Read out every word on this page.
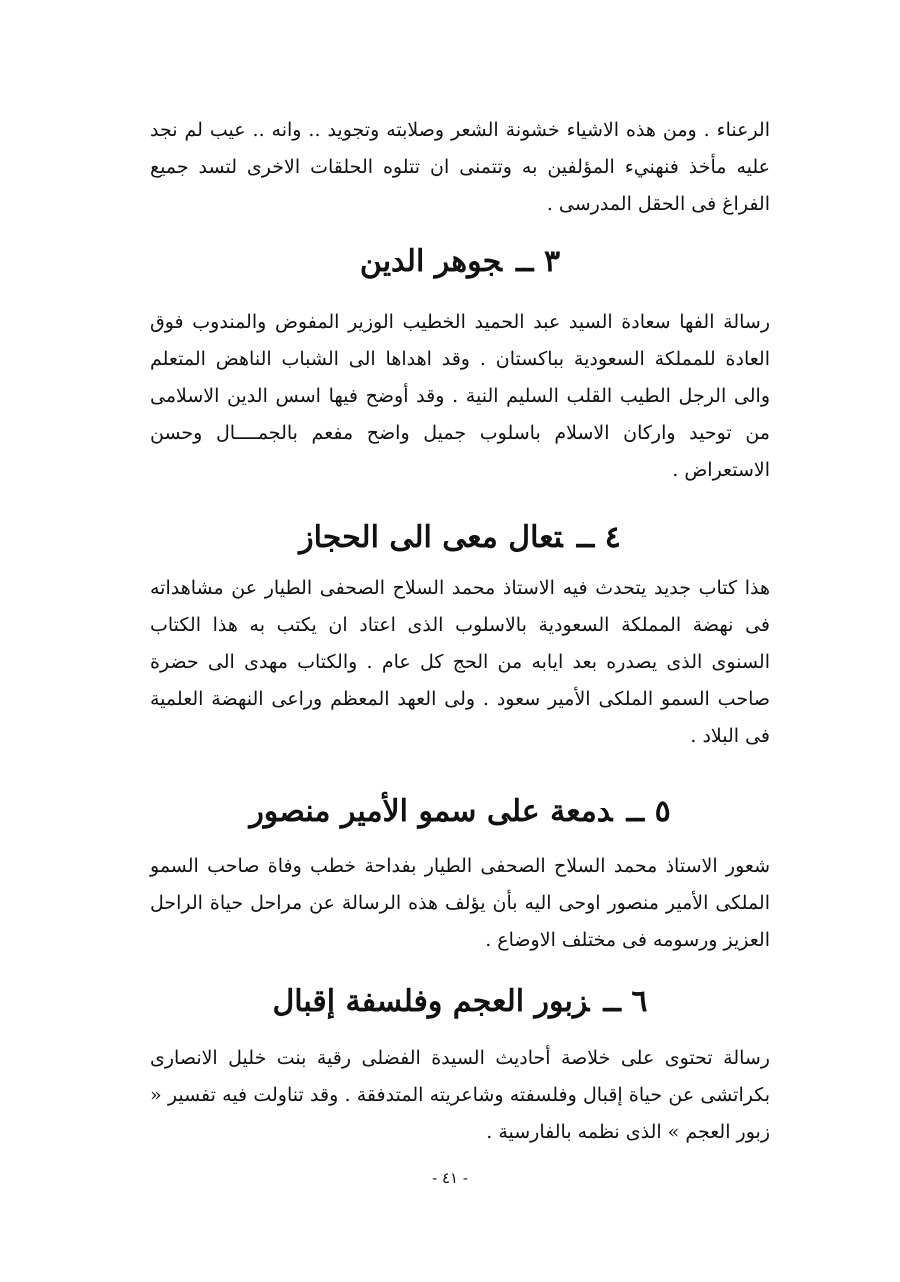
الرعناء . ومن هذه الاشياء خشونة الشعر وصلابته وتجويد .. وانه .. عيب لم نجد عليه مأخذ فنهنيء المؤلفين به وتتمنى ان تتلوه الحلقات الاخرى لتسد جميع الفراغ فى الحقل المدرسى .

٣ ــجوهر الدين

رسالة الفها سعادة السيد عبد الحميد الخطيب الوزير المفوض والمندوب فوق العادة للمملكة السعودية بباكستان . وقد اهداها الى الشباب الناهض المتعلم والى الرجل الطيب القلب السليم النية . وقد أوضح فيها اسس الدين الاسلامى من توحيد واركان الاسلام باسلوب جميل واضح مفعم بالجمــــال وحسن الاستعراض .

٤ ــتعال معى الى الحجاز

هذا كتاب جديد يتحدث فيه الاستاذ محمد السلاح الصحفى الطيار عن مشاهداته فى نهضة المملكة السعودية بالاسلوب الذى اعتاد ان يكتب به هذا الكتاب السنوى الذى يصدره بعد ايابه من الحج كل عام . والكتاب مهدى الى حضرة صاحب السمو الملكى الأمير سعود . ولى العهد المعظم وراعى النهضة العلمية فى البلاد .

٥ ــدمعة على سمو الأمير منصور

شعور الاستاذ محمد السلاح الصحفى الطيار بفداحة خطب وفاة صاحب السمو الملكى الأمير منصور اوحى اليه بأن يؤلف هذه الرسالة عن مراحل حياة الراحل العزيز ورسومه فى مختلف الاوضاع .

٦ ــزبور العجم وفلسفة إقبال

رسالة تحتوى على خلاصة أحاديث السيدة الفضلى رقية بنت خليل الانصارى بكراتشى عن حياة إقبال وفلسفته وشاعريته المتدفقة . وقد تناولت فيه تفسير « زبور العجم » الذى نظمه بالفارسية .

- ٤١ -
